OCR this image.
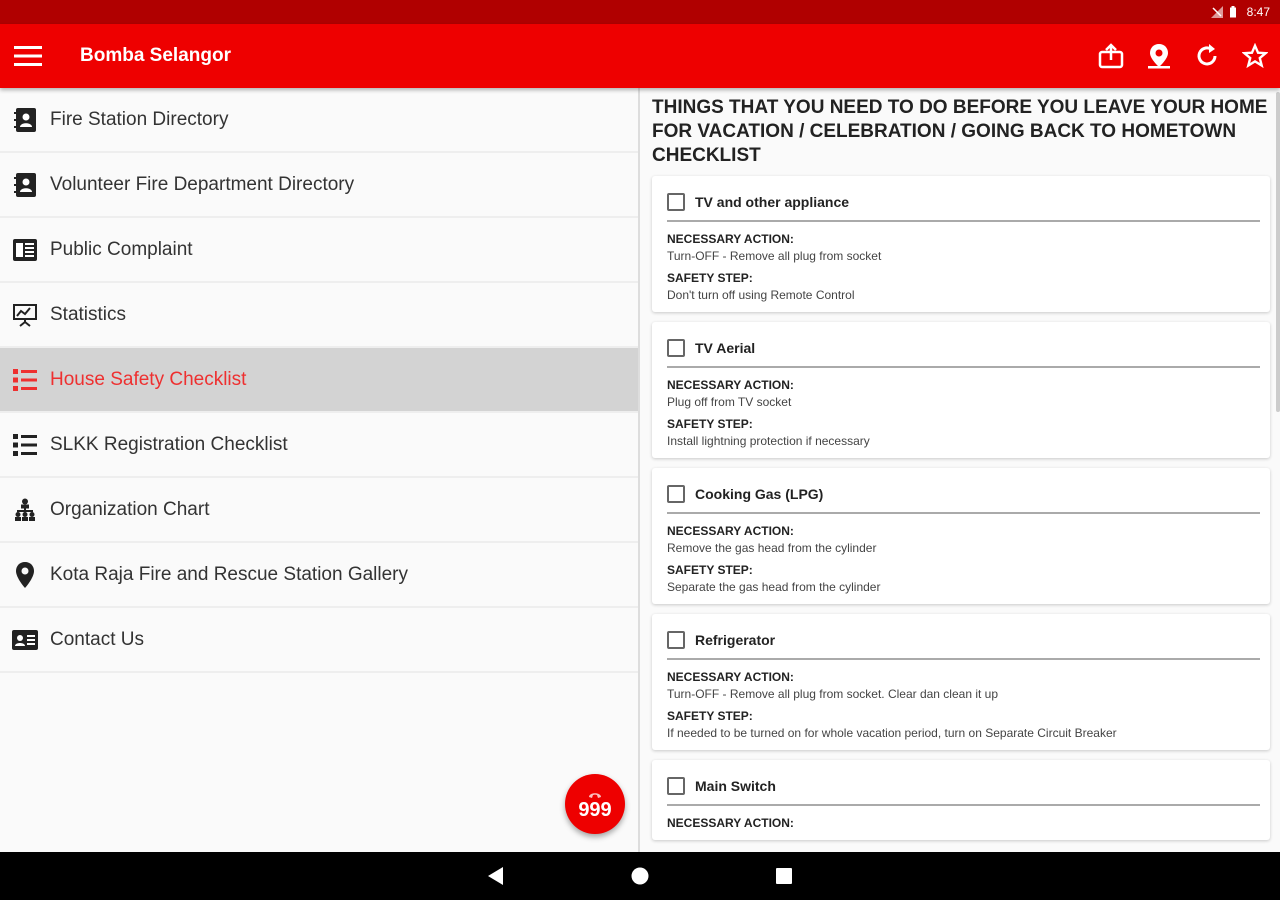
8:47
Bomba Selangor
Fire Station Directory
Volunteer Fire Department Directory
Public Complaint
Statistics
House Safety Checklist
SLKK Registration Checklist
Organization Chart
Kota Raja Fire and Rescue Station Gallery
Contact Us
999
THINGS THAT YOU NEED TO DO BEFORE YOU LEAVE YOUR HOME FOR VACATION / CELEBRATION / GOING BACK TO HOMETOWN CHECKLIST
TV and other appliance
NECESSARY ACTION:
Turn-OFF - Remove all plug from socket
SAFETY STEP:
Don't turn off using Remote Control
TV Aerial
NECESSARY ACTION:
Plug off from TV socket
SAFETY STEP:
Install lightning protection if necessary
Cooking Gas (LPG)
NECESSARY ACTION:
Remove the gas head from the cylinder
SAFETY STEP:
Separate the gas head from the cylinder
Refrigerator
NECESSARY ACTION:
Turn-OFF - Remove all plug from socket. Clear dan clean it up
SAFETY STEP:
If needed to be turned on for whole vacation period, turn on Separate Circuit Breaker
Main Switch
NECESSARY ACTION:
